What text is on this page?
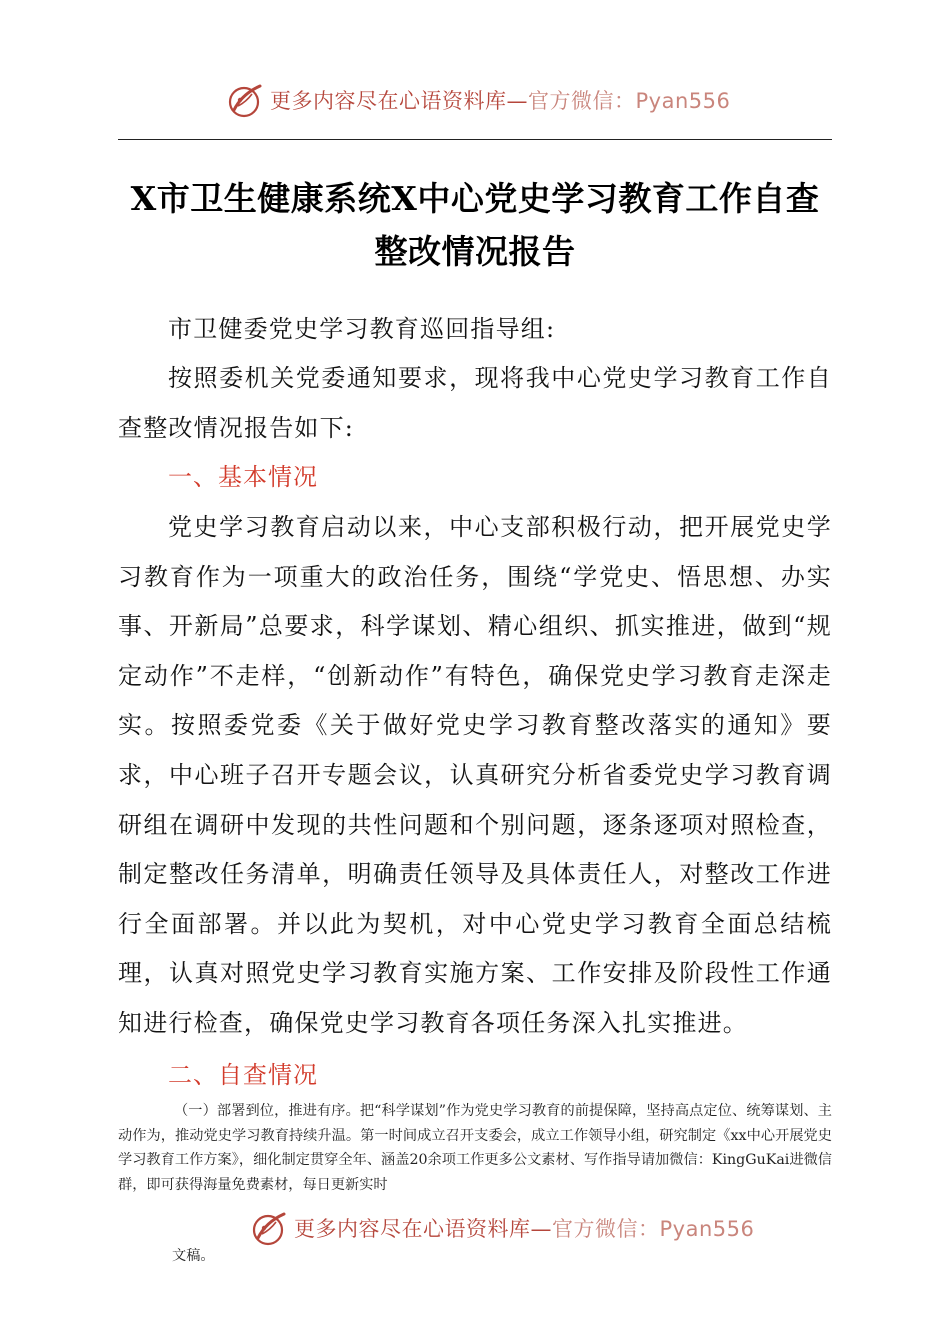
更多内容尽在心语资料库—官方微信：Pyan556
X市卫生健康系统X中心党史学习教育工作自查整改情况报告
市卫健委党史学习教育巡回指导组:
按照委机关党委通知要求，现将我中心党史学习教育工作自查整改情况报告如下:
一、基本情况
党史学习教育启动以来，中心支部积极行动，把开展党史学习教育作为一项重大的政治任务，围绕“学党史、悟思想、办实事、开新局”总要求，科学谋划、精心组织、抓实推进，做到“规定动作”不走样，“创新动作”有特色，确保党史学习教育走深走实。按照委党委《关于做好党史学习教育整改落实的通知》要求，中心班子召开专题会议，认真研究分析省委党史学习教育调研组在调研中发现的共性问题和个别问题，逐条逐项对照检查，制定整改任务清单，明确责任领导及具体责任人，对整改工作进行全面部署。并以此为契机，对中心党史学习教育全面总结梳理，认真对照党史学习教育实施方案、工作安排及阶段性工作通知进行检查，确保党史学习教育各项任务深入扎实推进。
二、自查情况
（一）部署到位，推进有序。把“科学谋划”作为党史学习教育的前提保障，坚持高点定位、统筹谋划、主动作为，推动党史学习教育持续升温。第一时间成立召开支委会，成立工作领导小组，研究制定《xx中心开展党史学习教育工作方案》，细化制定贯穿全年、涵盖20余项工作更多公文素材、写作指导请加微信：KingGuKai进微信群，即可获得海量免费素材，每日更新实时
更多内容尽在心语资料库—官方微信：Pyan556
文稿。
